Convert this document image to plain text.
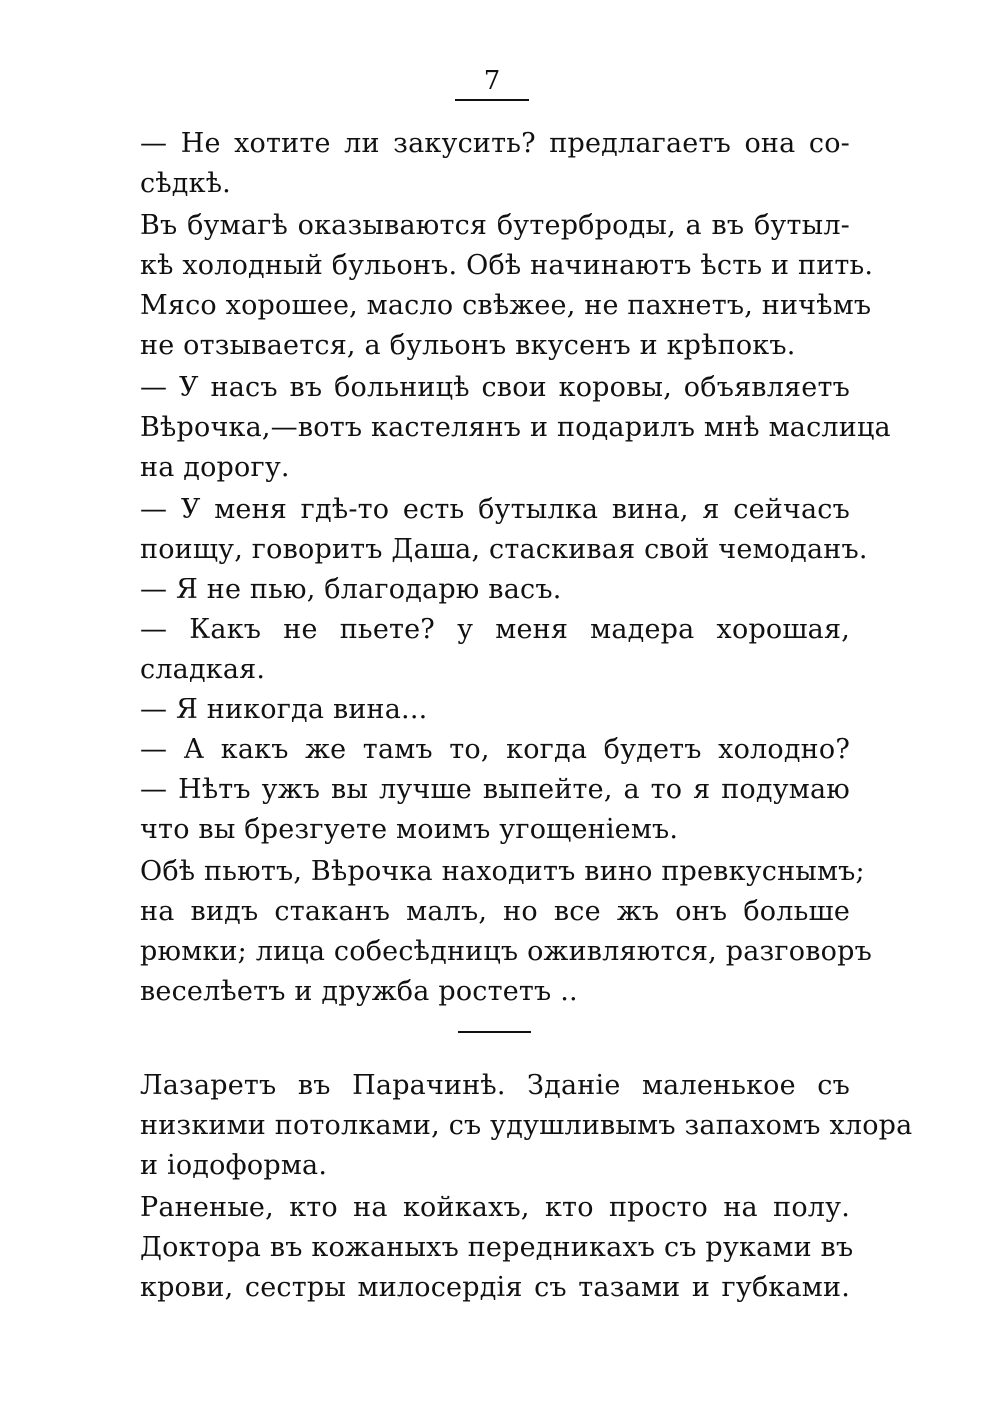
7
— Не хотите ли закусить? предлагаетъ она со-
сѣдкѣ.
Въ бумагѣ оказываются бутерброды, а въ бутыл-
кѣ холодный бульонъ. Обѣ начинаютъ ѣсть и пить.
Мясо хорошее, масло свѣжее, не пахнетъ, ничѣмъ
не отзывается, а бульонъ вкусенъ и крѣпокъ.
— У насъ въ больницѣ свои коровы, объявляетъ
Вѣрочка,—вотъ кастелянъ и подарилъ мнѣ маслица
на дорогу.
— У меня гдѣ-то есть бутылка вина, я сейчасъ
поищу, говоритъ Даша, стаскивая свой чемоданъ.
— Я не пью, благодарю васъ.
— Какъ не пьете? у меня мадера хорошая,
сладкая.
— Я никогда вина...
— А какъ же тамъ то, когда будетъ холодно?
— Нѣтъ ужъ вы лучше выпейте, а то я подумаю
что вы брезгуете моимъ угощеніемъ.
Обѣ пьютъ, Вѣрочка находитъ вино превкуснымъ;
на видъ стаканъ малъ, но все жъ онъ больше
рюмки; лица собесѣдницъ оживляются, разговоръ
веселѣетъ и дружба ростетъ ..
Лазаретъ въ Парачинѣ. Зданіе маленькое съ
низкими потолками, съ удушливымъ запахомъ хлора
и іодоформа.
Раненые, кто на койкахъ, кто просто на полу.
Доктора въ кожаныхъ передникахъ съ руками въ
крови, сестры милосердія съ тазами и губками.
